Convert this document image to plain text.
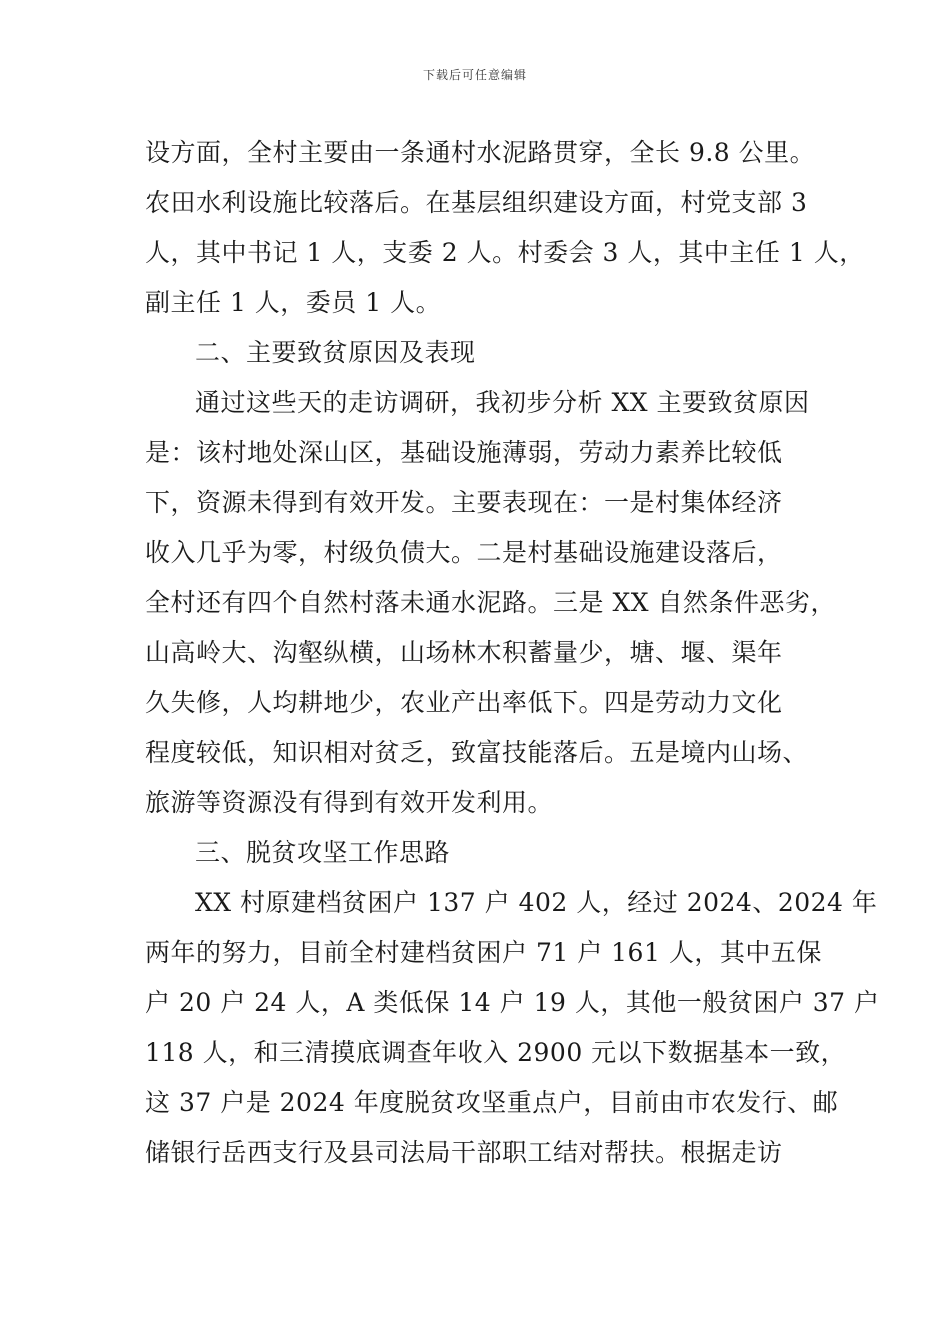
下载后可任意编辑
设方面，全村主要由一条通村水泥路贯穿，全长 9.8 公里。
农田水利设施比较落后。在基层组织建设方面，村党支部 3
人，其中书记 1 人，支委 2 人。村委会 3 人，其中主任 1 人，
副主任 1 人，委员 1 人。
二、主要致贫原因及表现
通过这些天的走访调研，我初步分析 XX 主要致贫原因
是：该村地处深山区，基础设施薄弱，劳动力素养比较低
下，资源未得到有效开发。主要表现在：一是村集体经济
收入几乎为零，村级负债大。二是村基础设施建设落后，
全村还有四个自然村落未通水泥路。三是 XX 自然条件恶劣，
山高岭大、沟壑纵横，山场林木积蓄量少，塘、堰、渠年
久失修，人均耕地少，农业产出率低下。四是劳动力文化
程度较低，知识相对贫乏，致富技能落后。五是境内山场、
旅游等资源没有得到有效开发利用。
三、脱贫攻坚工作思路
XX 村原建档贫困户 137 户 402 人，经过 2024、2024 年
两年的努力，目前全村建档贫困户 71 户 161 人，其中五保
户 20 户 24 人，A 类低保 14 户 19 人，其他一般贫困户 37 户
118 人，和三清摸底调查年收入 2900 元以下数据基本一致，
这 37 户是 2024 年度脱贫攻坚重点户，目前由市农发行、邮
储银行岳西支行及县司法局干部职工结对帮扶。根据走访
